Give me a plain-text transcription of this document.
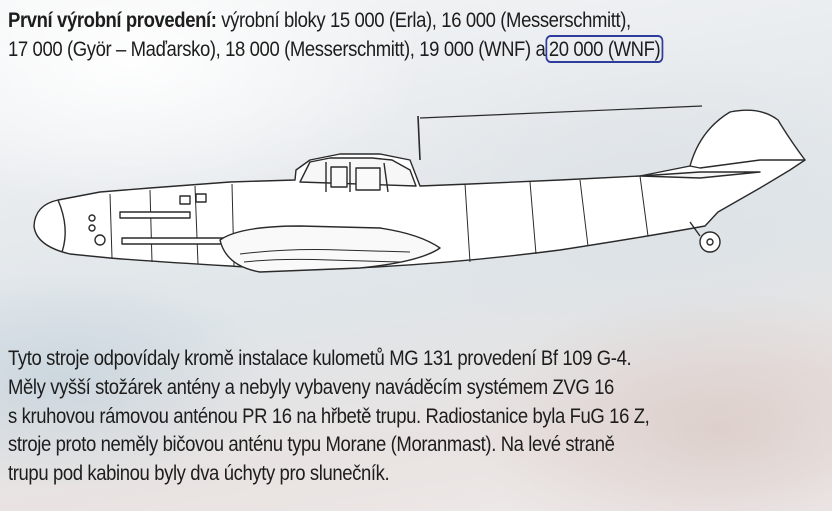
První výrobní provedení: výrobní bloky 15 000 (Erla), 16 000 (Messerschmitt),
17 000 (Györ – Maďarsko), 18 000 (Messerschmitt), 19 000 (WNF) a 20 000 (WNF)
Tyto stroje odpovídaly kromě instalace kulometů MG 131 provedení Bf 109 G-4.
Měly vyšší stožárek antény a nebyly vybaveny naváděcím systémem ZVG 16
s kruhovou rámovou anténou PR 16 na hřbetě trupu. Radiostanice byla FuG 16 Z,
stroje proto neměly bičovou anténu typu Morane (Moranmast). Na levé straně
trupu pod kabinou byly dva úchyty pro slunečník.
